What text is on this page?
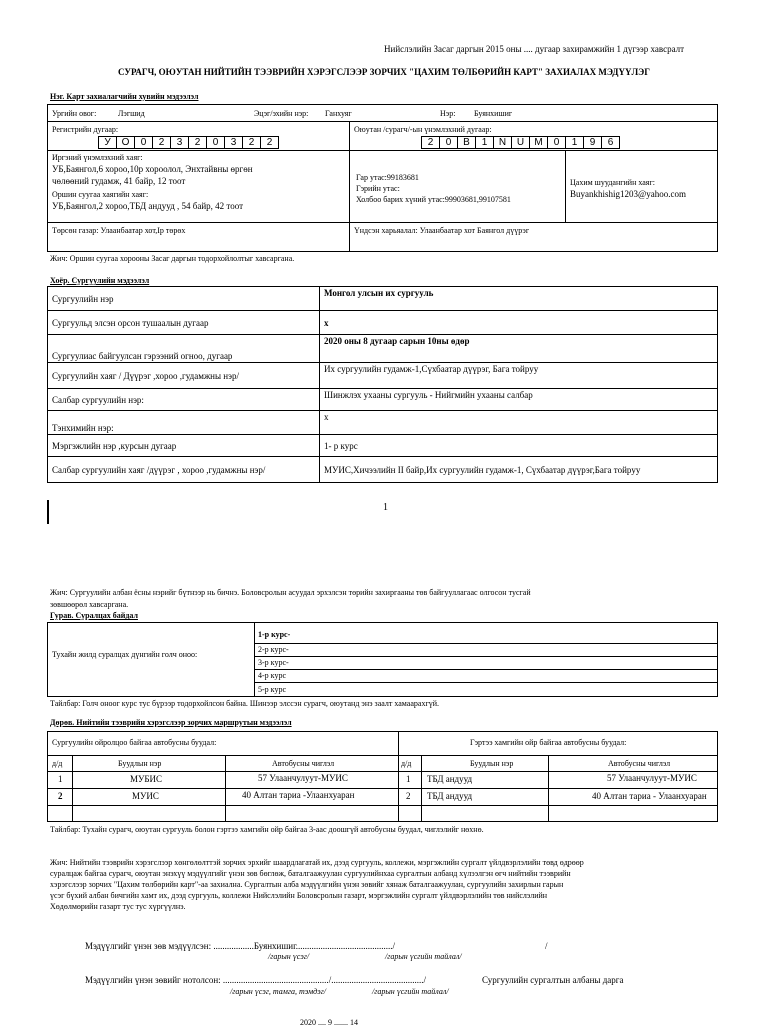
Нийслэлийн Засаг даргын 2015 оны .... дугаар захирамжийн 1 дүгээр хавсралт
СУРАГЧ, ОЮУТАН НИЙТИЙН ТЭЭВРИЙН ХЭРЭГСЛЭЭР ЗОРЧИХ "ЦАХИМ ТӨЛБӨРИЙН КАРТ" ЗАХИАЛАХ МЭДҮҮЛЭГ
Нэг. Карт захиалагчийн хувийн мэдээлэл
Ургийн овог:	Лэгшид	Эцэг/эхийн нэр: Ганхуяг	Нэр: Буянхишиг
Регистрийн дугаар:
У	О	0	2	3	2	0	3	2	2
Оюутан /сурагч/-ын үнэмлэхний дугаар:
2	0	В	1	N	U	M	0	1	9	6
Иргэний үнэмлэхний хаяг:
УБ,Баянгол,6 хороо,10р хороолол, Энхтайвны өргөн
чөлөөний гудамж, 41 байр, 12 тоот
Оршин суугаа хаягийн хаяг:
УБ,Баянгол,2 хороо,ТБД андууд , 54 байр, 42 тоот
Гар утас:99183681
Гэрийн утас:
Холбоо барих хүний утас:99903681,99107581
Цахим шуудангийн хаяг:
Buyankhishig1203@yahoo.com
Төрсөн газар: Улаанбаатар хот,Iр төрөх	Үндсэн харьяалал: Улаанбаатар хот Баянгол дүүрэг
Жич: Оршин суугаа хорооны Засаг даргын тодорхойлолтыг хавсаргана.
Хоёр. Сургуулийн мэдээлэл
Сургуулийн нэр	Монгол улсын их сургууль
Сургуульд элсэн орсон тушаалын дугаар	х
Сургуулиас байгуулсан гэрээний огноо, дугаар	2020 оны 8 дугаар сарын 10ны өдөр
Сургуулийн хаяг / Дүүрэг ,хороо ,гудамжны нэр/	Их сургуулийн гудамж-1,Сүхбаатар дүүрэг, Бага тойруу
Салбар сургуулийн нэр:	Шинжлэх ухааны сургууль - Нийгмийн ухааны салбар
Тэнхимийн нэр:	х
Мэргэжлийн нэр ,курсын дугаар	1- р курс
Салбар сургуулийн хаяг /дүүрэг , хороо ,гудамжны нэр/	МУИС,Хичээлийн II байр,Их сургуулийн гудамж-1, Сүхбаатар дүүрэг,Бага тойруу
1
Жич: Сургуулийн албан ёсны нэрийг бүтнээр нь бичнэ. Боловсролын асуудал эрхэлсэн төрийн захиргааны төв байгууллагаас олгосон тусгай
зөвшөөрөл хавсаргана.
Гурав. Суралцах байдал
Тухайн жилд суралцах дүнгийн голч оноо:
1-р курс-
2-р курс-
3-р курс-
4-р курс
5-р курс
Тайлбар: Голч оноог курс тус бүрээр тодорхойлсон байна. Шинээр элссэн сурагч, оюутанд энэ заалт хамаарахгүй.
Дөрөв. Нийтийн тээврийн хэрэгслээр зорчих маршрутын мэдээлэл
Сургуулийн ойролцоо байгаа автобусны буудал:	Гэртээ хамгийн ойр байгаа автобусны буудал:
д/д	Буудлын нэр	Автобусны чиглэл	д/д	Буудлын нэр	Автобусны чиглэл
1	МУБИС	57 Улаанчулуут-МУИС	1 ТБД андууд	57 Улаанчулуут-МУИС
2	МУИС	40 Алтан тариа -Улаанхуаран	2 ТБД андууд	40 Алтан тариа - Улаанхуаран
Тайлбар: Тухайн сурагч, оюутан сургууль болон гэртээ хамгийн ойр байгаа 3-аас доошгүй автобусны буудал, чиглэлийг нөхнө.
Жич: Нийтийн тээврийн хэрэгслээр хөнгөлөлттэй зорчих эрхийг шаардлагатай их, дээд сургууль, коллежи, мэргэжлийн сургалт үйлдвэрлэлийн төвд өдрөөр
суралцаж байгаа сурагч, оюутан энэхүү мэдүүлгийг үнэн зөв бөглөж, баталгаажуулан сургуулийнхаа сургалтын албанд хүлээлгэн өгч нийтийн тээврийн
хэрэгслээр зорчих "Цахим төлбөрийн карт"-аа захиална. Сургалтын алба мэдүүлгийн үнэн зөвийг хянаж баталгаажуулан, сургуулийн захирлын гарын
үсэг бүхий албан бичгийн хамт их, дээд сургууль, коллежи Нийслэлийн Боловсролын газарт, мэргэжлийн сургалт үйлдвэрлэлийн төв нийслэлийн
Хөдөлмөрийн газарт тус тус хүргүүлнэ.
Мэдүүлгийг үнэн зөв мэдүүлсэн: ..................Буянхишиг.........................................../	/
/гарын үсэг/	/гарын үсгийн тайлал/
Мэдүүлгийн үнэн зөвийг нотолсон: .............................................../........................................./	Сургуулийн сургалтын албаны дарга
/гарын үсэг, тамга, тэмдэг/	/гарын үсгийн тайлал/
2020 .... 9 ....... 14
